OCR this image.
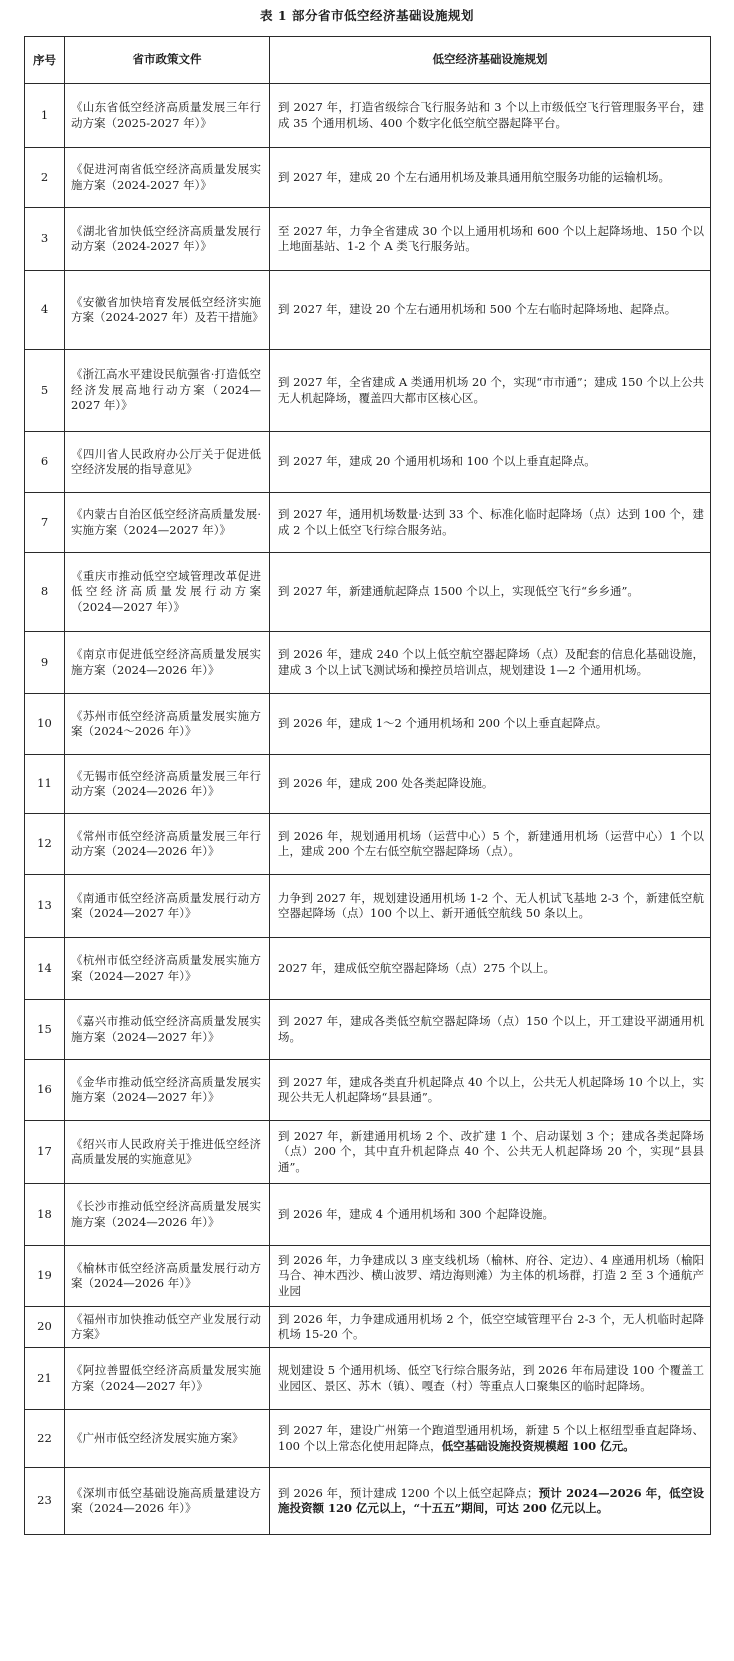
表 1 部分省市低空经济基础设施规划
序号	省市政策文件	低空经济基础设施规划
1	《山东省低空经济高质量发展三年行动方案（2025-2027 年）》	到 2027 年，打造省级综合飞行服务站和 3 个以上市级低空飞行管理服务平台，建成 35 个通用机场、400 个数字化低空航空器起降平台。
2	《促进河南省低空经济高质量发展实施方案（2024-2027 年）》	到 2027 年，建成 20 个左右通用机场及兼具通用航空服务功能的运输机场。
3	《湖北省加快低空经济高质量发展行动方案（2024-2027 年）》	至 2027 年，力争全省建成 30 个以上通用机场和 600 个以上起降场地、150 个以上地面基站、1-2 个 A 类飞行服务站。
4	《安徽省加快培育发展低空经济实施方案（2024-2027 年）及若干措施》	到 2027 年，建设 20 个左右通用机场和 500 个左右临时起降场地、起降点。
5	《浙江高水平建设民航强省·打造低空经济发展高地行动方案（2024—2027 年）》	到 2027 年，全省建成 A 类通用机场 20 个，实现“市市通”；建成 150 个以上公共无人机起降场，覆盖四大都市区核心区。
6	《四川省人民政府办公厅关于促进低空经济发展的指导意见》	到 2027 年，建成 20 个通用机场和 100 个以上垂直起降点。
7	《内蒙古自治区低空经济高质量发展·实施方案（2024—2027 年）》	到 2027 年，通用机场数量·达到 33 个、标准化临时起降场（点）达到 100 个，建成 2 个以上低空飞行综合服务站。
8	《重庆市推动低空空域管理改革促进低空经济高质量发展行动方案（2024—2027 年）》	到 2027 年，新建通航起降点 1500 个以上，实现低空飞行“乡乡通”。
9	《南京市促进低空经济高质量发展实施方案（2024—2026 年）》	到 2026 年，建成 240 个以上低空航空器起降场（点）及配套的信息化基础设施，建成 3 个以上试飞测试场和操控员培训点，规划建设 1—2 个通用机场。
10	《苏州市低空经济高质量发展实施方案（2024～2026 年）》	到 2026 年，建成 1～2 个通用机场和 200 个以上垂直起降点。
11	《无锡市低空经济高质量发展三年行动方案（2024—2026 年）》	到 2026 年，建成 200 处各类起降设施。
12	《常州市低空经济高质量发展三年行动方案（2024—2026 年）》	到 2026 年，规划通用机场（运营中心）5 个，新建通用机场（运营中心）1 个以上，建成 200 个左右低空航空器起降场（点）。
13	《南通市低空经济高质量发展行动方案（2024—2027 年）》	力争到 2027 年，规划建设通用机场 1-2 个、无人机试飞基地 2-3 个，新建低空航空器起降场（点）100 个以上、新开通低空航线 50 条以上。
14	《杭州市低空经济高质量发展实施方案（2024—2027 年）》	2027 年，建成低空航空器起降场（点）275 个以上。
15	《嘉兴市推动低空经济高质量发展实施方案（2024—2027 年）》	到 2027 年，建成各类低空航空器起降场（点）150 个以上，开工建设平湖通用机场。
16	《金华市推动低空经济高质量发展实施方案（2024—2027 年）》	到 2027 年，建成各类直升机起降点 40 个以上，公共无人机起降场 10 个以上，实现公共无人机起降场“县县通”。
17	《绍兴市人民政府关于推进低空经济高质量发展的实施意见》	到 2027 年，新建通用机场 2 个、改扩建 1 个、启动谋划 3 个；建成各类起降场（点）200 个，其中直升机起降点 40 个、公共无人机起降场 20 个，实现“县县通”。
18	《长沙市推动低空经济高质量发展实施方案（2024—2026 年）》	到 2026 年，建成 4 个通用机场和 300 个起降设施。
19	《榆林市低空经济高质量发展行动方案（2024—2026 年）》	到 2026 年，力争建成以 3 座支线机场（榆林、府谷、定边）、4 座通用机场（榆阳马合、神木西沙、横山波罗、靖边海则滩）为主体的机场群，打造 2 至 3 个通航产业园
20	《福州市加快推动低空产业发展行动方案》	到 2026 年，力争建成通用机场 2 个，低空空域管理平台 2-3 个，无人机临时起降机场 15-20 个。
21	《阿拉善盟低空经济高质量发展实施方案（2024—2027 年）》	规划建设 5 个通用机场、低空飞行综合服务站，到 2026 年布局建设 100 个覆盖工业园区、景区、苏木（镇）、嘎查（村）等重点人口聚集区的临时起降场。
22	《广州市低空经济发展实施方案》	到 2027 年，建设广州第一个跑道型通用机场，新建 5 个以上枢纽型垂直起降场、100 个以上常态化使用起降点，低空基础设施投资规模超 100 亿元。
23	《深圳市低空基础设施高质量建设方案（2024—2026 年）》	到 2026 年，预计建成 1200 个以上低空起降点；预计 2024—2026 年，低空设施投资额 120 亿元以上，“十五五”期间，可达 200 亿元以上。
